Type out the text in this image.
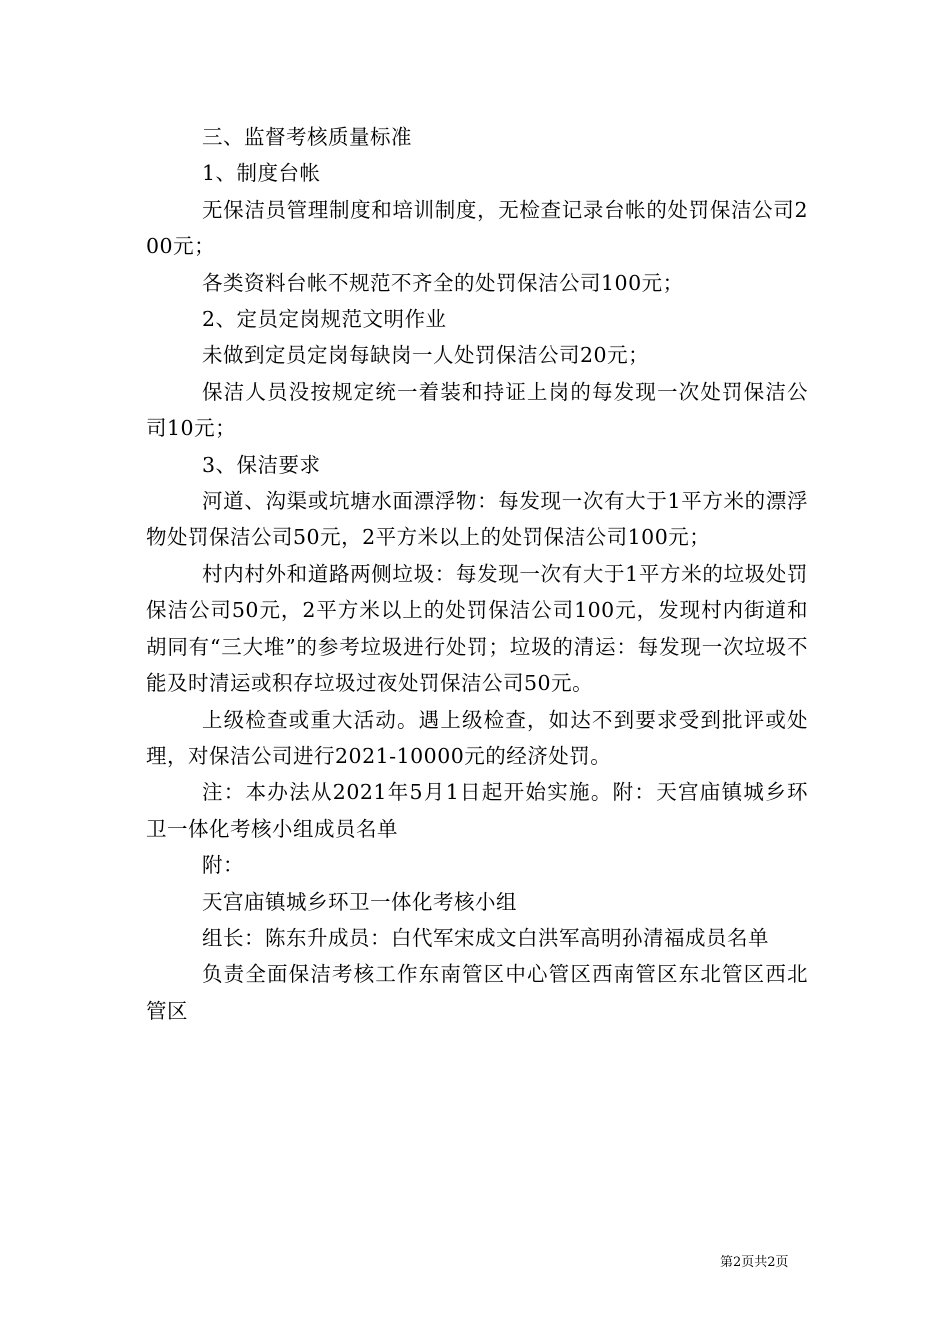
三、监督考核质量标准

1、制度台帐

无保洁员管理制度和培训制度，无检查记录台帐的处罚保洁公司200元；

各类资料台帐不规范不齐全的处罚保洁公司100元；

2、定员定岗规范文明作业

未做到定员定岗每缺岗一人处罚保洁公司20元；

保洁人员没按规定统一着装和持证上岗的每发现一次处罚保洁公司10元；

3、保洁要求

河道、沟渠或坑塘水面漂浮物：每发现一次有大于1平方米的漂浮物处罚保洁公司50元，2平方米以上的处罚保洁公司100元；

村内村外和道路两侧垃圾：每发现一次有大于1平方米的垃圾处罚保洁公司50元，2平方米以上的处罚保洁公司100元，发现村内街道和胡同有“三大堆”的参考垃圾进行处罚；垃圾的清运：每发现一次垃圾不能及时清运或积存垃圾过夜处罚保洁公司50元。

上级检查或重大活动。遇上级检查，如达不到要求受到批评或处理，对保洁公司进行2021-10000元的经济处罚。

注：本办法从2021年5月1日起开始实施。附：天宫庙镇城乡环卫一体化考核小组成员名单

附：

天宫庙镇城乡环卫一体化考核小组

组长：陈东升成员：白代军宋成文白洪军高明孙清福成员名单

负责全面保洁考核工作东南管区中心管区西南管区东北管区西北管区

第2页共2页
